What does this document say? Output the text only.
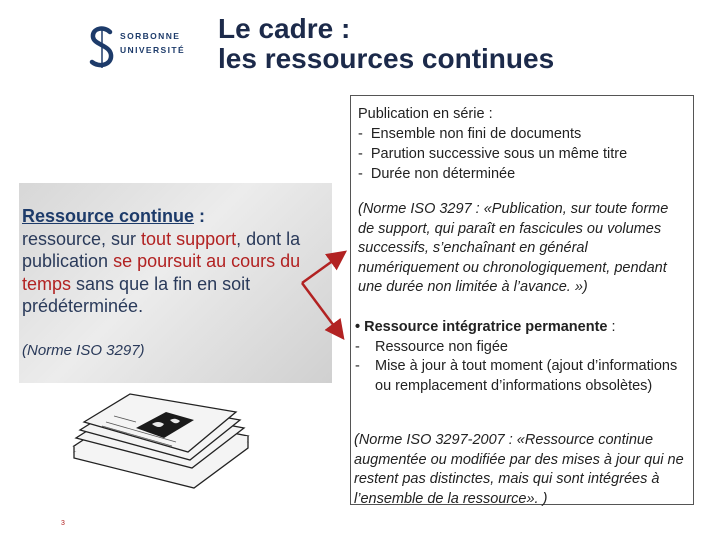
SORBONNE
UNIVERSITÉ
Le cadre :
les ressources continues
Publication en série :
-  Ensemble non fini de documents
-  Parution successive sous un même titre
-  Durée non déterminée
(Norme ISO 3297 : «Publication, sur toute forme de support, qui paraît en fascicules ou volumes successifs, s’enchaînant en général numériquement ou chronologiquement, pendant une durée non limitée à l’avance. »)
• Ressource intégratrice permanente :
-	Ressource non figée
-	Mise à jour à tout moment (ajout d’informations ou remplacement d’informations obsolètes)
(Norme ISO 3297-2007 : «Ressource continue augmentée ou modifiée par des mises à jour qui ne restent pas distinctes, mais qui sont intégrées à l’ensemble de la ressource». )
Ressource continue :
ressource, sur tout support, dont la publication se poursuit au cours du temps sans que la fin en soit prédéterminée.
(Norme ISO 3297)
3
